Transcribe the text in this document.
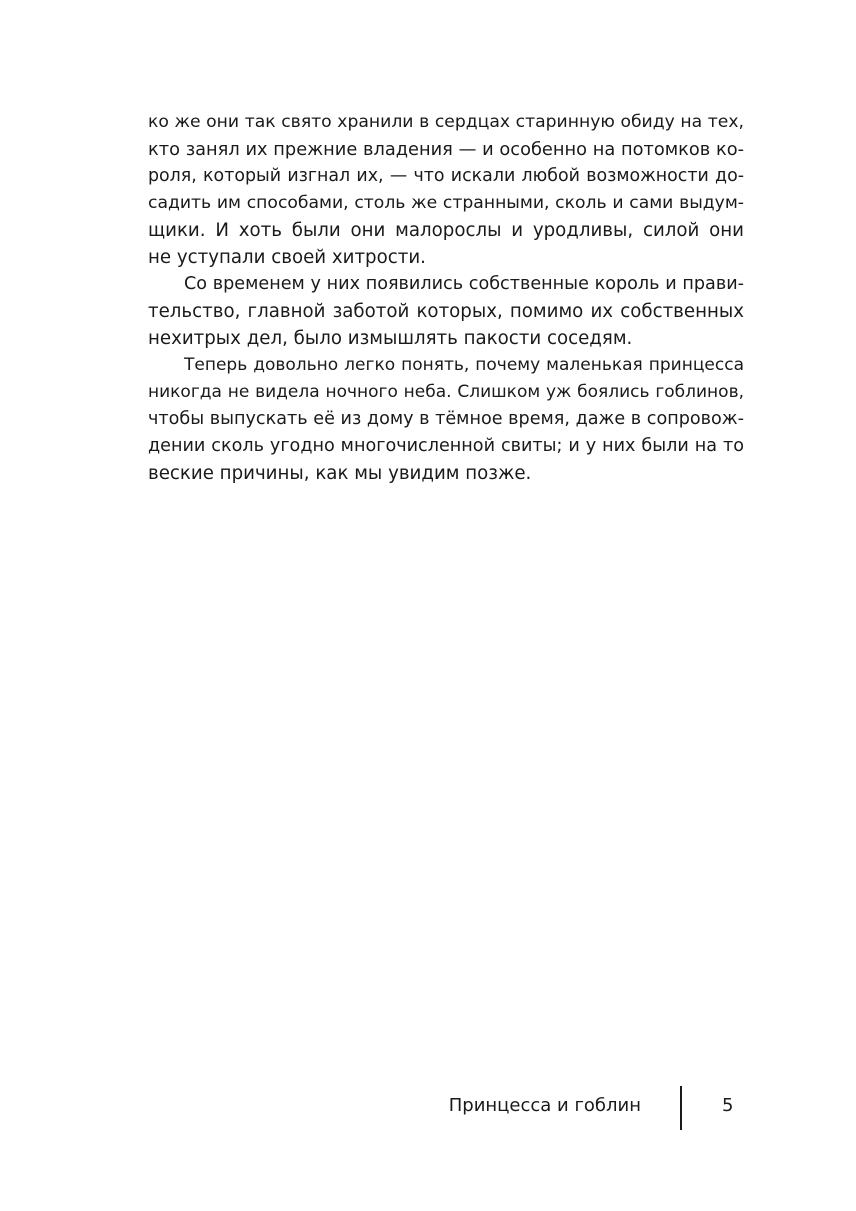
ко же они так свято хранили в сердцах старинную обиду на тех,
кто занял их прежние владения — и особенно на потомков ко-
роля, который изгнал их, — что искали любой возможности до-
садить им способами, столь же странными, сколь и сами выдум-
щики. И хоть были они малорослы и уродливы, силой они
не уступали своей хитрости.
Со временем у них появились собственные король и прави-
тельство, главной заботой которых, помимо их собственных
нехитрых дел, было измышлять пакости соседям.
Теперь довольно легко понять, почему маленькая принцесса
никогда не видела ночного неба. Слишком уж боялись гоблинов,
чтобы выпускать её из дому в тёмное время, даже в сопровож-
дении сколь угодно многочисленной свиты; и у них были на то
веские причины, как мы увидим позже.
Принцесса и гоблин	5
